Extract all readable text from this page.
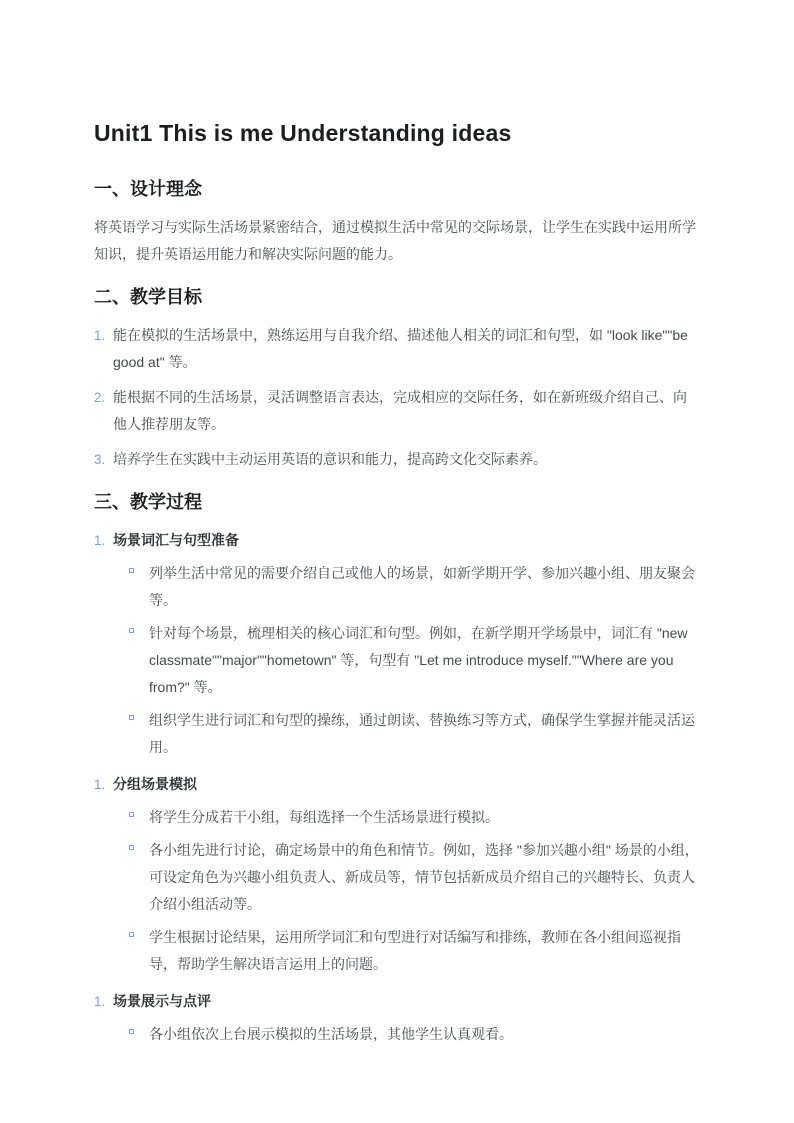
Unit1 This is me Understanding ideas
一、设计理念

将英语学习与实际生活场景紧密结合，通过模拟生活中常见的交际场景，让学生在实践中运用所学知识，提升英语运用能力和解决实际问题的能力。

二、教学目标
1. 能在模拟的生活场景中，熟练运用与自我介绍、描述他人相关的词汇和句型，如 "look like""be good at" 等。
2. 能根据不同的生活场景，灵活调整语言表达，完成相应的交际任务，如在新班级介绍自己、向他人推荐朋友等。
3. 培养学生在实践中主动运用英语的意识和能力，提高跨文化交际素养。
三、教学过程
1. 场景词汇与句型准备
列举生活中常见的需要介绍自己或他人的场景，如新学期开学、参加兴趣小组、朋友聚会等。
针对每个场景，梳理相关的核心词汇和句型。例如，在新学期开学场景中，词汇有 "new classmate""major""hometown" 等，句型有 "Let me introduce myself.""Where are you from?" 等。
组织学生进行词汇和句型的操练，通过朗读、替换练习等方式，确保学生掌握并能灵活运用。
1. 分组场景模拟
将学生分成若干小组，每组选择一个生活场景进行模拟。
各小组先进行讨论，确定场景中的角色和情节。例如，选择 "参加兴趣小组" 场景的小组，可设定角色为兴趣小组负责人、新成员等，情节包括新成员介绍自己的兴趣特长、负责人介绍小组活动等。
学生根据讨论结果，运用所学词汇和句型进行对话编写和排练，教师在各小组间巡视指导，帮助学生解决语言运用上的问题。
1. 场景展示与点评
各小组依次上台展示模拟的生活场景，其他学生认真观看。
